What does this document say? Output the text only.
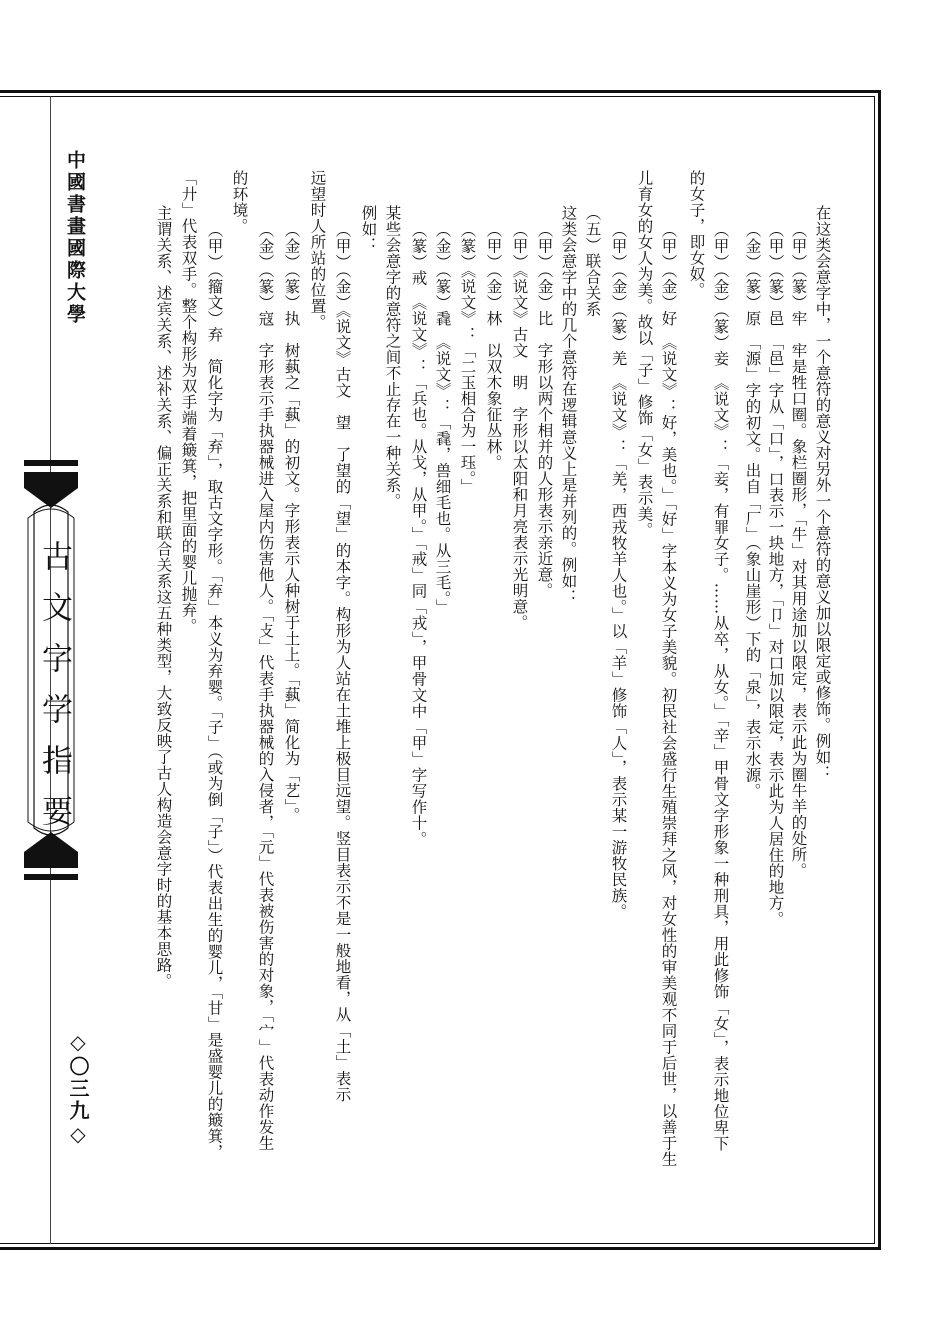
中國書畫國際大學
古文字学指要
◇〇三九◇
在这类会意字中，一个意符的意义对另外一个意符的意义加以限定或修饰。例如：
（甲）（篆）牢　牢是牲口圈。象栏圈形，「牛」对其用途加以限定，表示此为圈牛羊的处所。
（甲）（篆）邑　「邑」字从「口」，口表示一块地方，「卩」对口加以限定，表示此为人居住的地方。
（金）（篆）原　「源」字的初文。出自「厂」（象山崖形）下的「泉」，表示水源。
（甲）（金）（篆）妾　《说文》：「妾，有罪女子。……从卒，从女。」「辛」甲骨文字形象一种刑具，用此修饰「女」，表示地位卑下
的女子，即女奴。
（甲）（金）好　《说文》：好，美也。」「好」字本义为女子美貌。初民社会盛行生殖崇拜之风，对女性的审美观不同于后世，以善于生
儿育女的女人为美。故以「子」修饰「女」表示美。
（甲）（金）（篆）羌　《说文》：「羌，西戎牧羊人也。」以「羊」修饰「人」，表示某一游牧民族。
（五）联合关系
这类会意字中的几个意符在逻辑意义上是并列的。例如：
（甲）（金）比　字形以两个相并的人形表示亲近意。
（甲）《说文》古文　明　字形以太阳和月亮表示光明意。
（甲）（金）林　以双木象征丛林。
（篆）《说文》：「二玉相合为一珏。」
（金）（篆）毳　《说文》：「毳，兽细毛也。从三毛。」
（篆）戒　《说文》：「兵也。从戈，从甲。」「戒」同「戎」，甲骨文中「甲」字写作十。
某些会意字的意符之间不止存在一种关系。
例如：
（甲）（金）《说文》古文　望　了望的「望」的本字。构形为人站在土堆上极目远望。竖目表示不是一般地看，从「土」表示
远望时人所站的位置。
（金）（篆）执　树蓺之「蓺」的初文。字形表示人种树于土上。「蓺」简化为「艺」。
（金）（篆）寇　字形表示手执器械进入屋内伤害他人。「攴」代表手执器械的入侵者，「元」代表被伤害的对象，「宀」代表动作发生
的环境。
（甲）（籀文）弃　简化字为「弃」，取古文字形。「弃」本义为弃婴。「子」（或为倒「子」）代表出生的婴儿，「甘」是盛婴儿的簸箕，
「廾」代表双手。整个构形为双手端着簸箕，把里面的婴儿抛弃。
主谓关系、述宾关系、述补关系、偏正关系和联合关系这五种类型，大致反映了古人构造会意字时的基本思路。
